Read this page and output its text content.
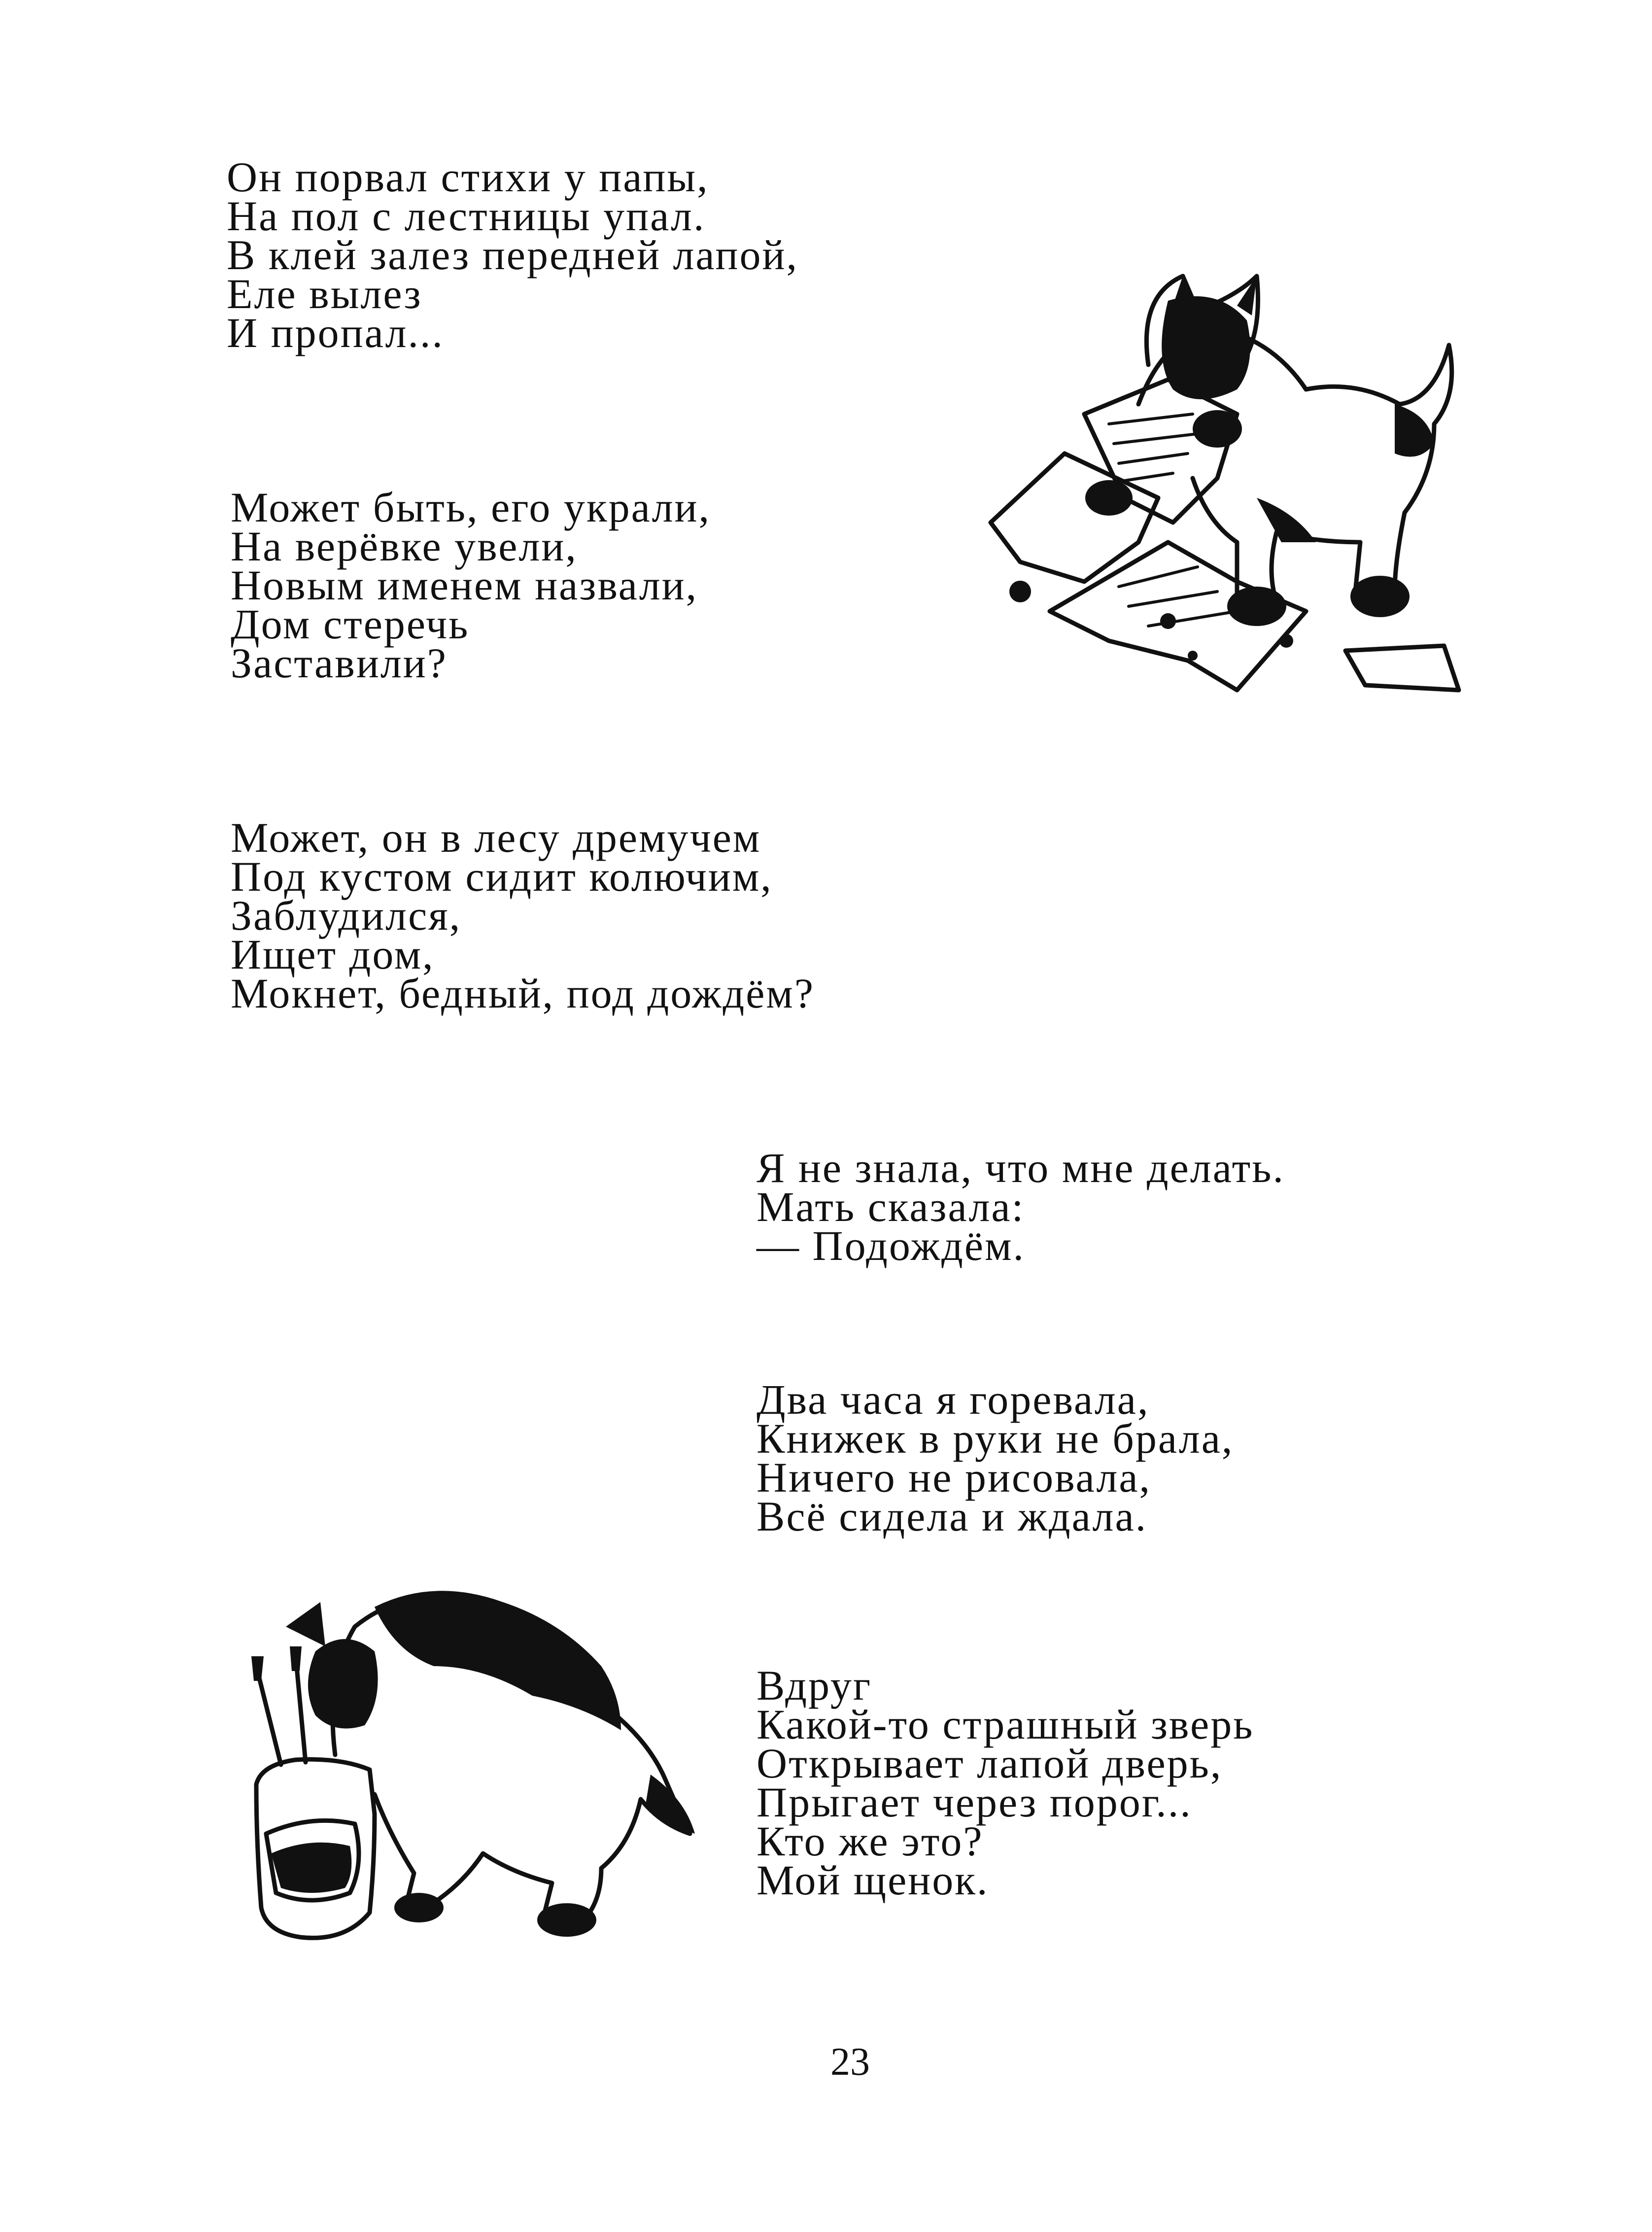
Он порвал стихи у папы,
На пол с лестницы упал.
В клей залез передней лапой,
Еле вылез
И пропал...
Может быть, его украли,
На верёвке увели,
Новым именем назвали,
Дом стеречь
Заставили?
Может, он в лесу дремучем
Под кустом сидит колючим,
Заблудился,
Ищет дом,
Мокнет, бедный, под дождём?
Я не знала, что мне делать.
Мать сказала:
— Подождём.
Два часа я горевала,
Книжек в руки не брала,
Ничего не рисовала,
Всё сидела и ждала.
Вдруг
Какой-то страшный зверь
Открывает лапой дверь,
Прыгает через порог...
Кто же это?
Мой щенок.
23
